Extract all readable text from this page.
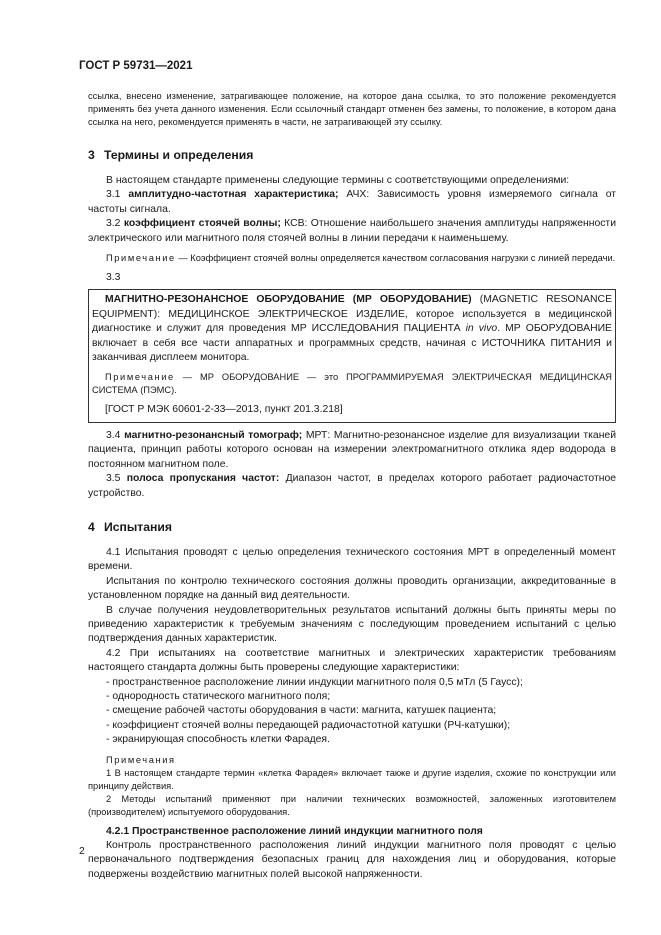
ГОСТ Р 59731—2021

ссылка, внесено изменение, затрагивающее положение, на которое дана ссылка, то это положение рекомендуется применять без учета данного изменения. Если ссылочный стандарт отменен без замены, то положение, в котором дана ссылка на него, рекомендуется применять в части, не затрагивающей эту ссылку.

3 Термины и определения

В настоящем стандарте применены следующие термины с соответствующими определениями:

3.1 амплитудно-частотная характеристика; АЧХ: Зависимость уровня измеряемого сигнала от частоты сигнала.

3.2 коэффициент стоячей волны; КСВ: Отношение наибольшего значения амплитуды напряженности электрического или магнитного поля стоячей волны в линии передачи к наименьшему.

Примечание — Коэффициент стоячей волны определяется качеством согласования нагрузки с линией передачи.

3.3

МАГНИТНО-РЕЗОНАНСНОЕ ОБОРУДОВАНИЕ (МР ОБОРУДОВАНИЕ) (MAGNETIC RESONANCE EQUIPMENT): МЕДИЦИНСКОЕ ЭЛЕКТРИЧЕСКОЕ ИЗДЕЛИЕ, которое используется в медицинской диагностике и служит для проведения МР ИССЛЕДОВАНИЯ ПАЦИЕНТА in vivo. МР ОБОРУДОВАНИЕ включает в себя все части аппаратных и программных средств, начиная с ИСТОЧНИКА ПИТАНИЯ и заканчивая дисплеем монитора.

Примечание — МР ОБОРУДОВАНИЕ — это ПРОГРАММИРУЕМАЯ ЭЛЕКТРИЧЕСКАЯ МЕДИЦИНСКАЯ СИСТЕМА (ПЭМС).

[ГОСТ Р МЭК 60601-2-33—2013, пункт 201.3.218]

3.4 магнитно-резонансный томограф; МРТ: Магнитно-резонансное изделие для визуализации тканей пациента, принцип работы которого основан на измерении электромагнитного отклика ядер водорода в постоянном магнитном поле.

3.5 полоса пропускания частот: Диапазон частот, в пределах которого работает радиочастотное устройство.

4 Испытания

4.1 Испытания проводят с целью определения технического состояния МРТ в определенный момент времени.

Испытания по контролю технического состояния должны проводить организации, аккредитованные в установленном порядке на данный вид деятельности.

В случае получения неудовлетворительных результатов испытаний должны быть приняты меры по приведению характеристик к требуемым значениям с последующим проведением испытаний с целью подтверждения данных характеристик.

4.2 При испытаниях на соответствие магнитных и электрических характеристик требованиям настоящего стандарта должны быть проверены следующие характеристики:

- пространственное расположение линии индукции магнитного поля 0,5 мТл (5 Гаусс);

- однородность статического магнитного поля;

- смещение рабочей частоты оборудования в части: магнита, катушек пациента;

- коэффициент стоячей волны передающей радиочастотной катушки (РЧ-катушки);

- экранирующая способность клетки Фарадея.

Примечания

1 В настоящем стандарте термин «клетка Фарадея» включает также и другие изделия, схожие по конструкции или принципу действия.

2 Методы испытаний применяют при наличии технических возможностей, заложенных изготовителем (производителем) испытуемого оборудования.

4.2.1 Пространственное расположение линий индукции магнитного поля

Контроль пространственного расположения линий индукции магнитного поля проводят с целью первоначального подтверждения безопасных границ для нахождения лиц и оборудования, которые подвержены воздействию магнитных полей высокой напряженности.

2
